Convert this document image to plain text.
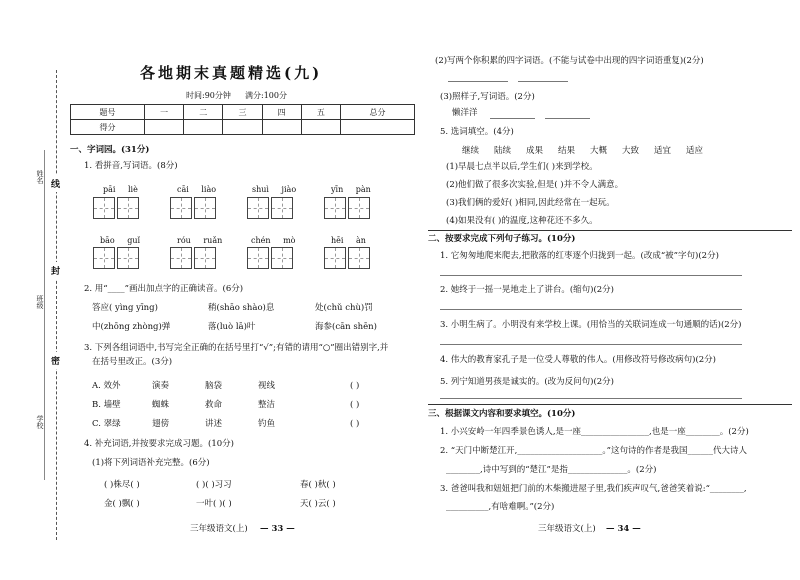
姓名
班级
学校
线
封
密
各地期末真题精选(九)
时间:90分钟 满分:100分
题号	一	二	三	四	五	总分
得分						
一、字词园。(31分)
1. 看拼音,写词语。(8分)
pāi liè	cāi liào	shuì jiào	yīn pàn
bāo guǐ	róu ruǎn	chén mò	hēi àn
2. 用“____”画出加点字的正确读音。(6分)
答应( yìng yīng)	稍(shāo shào)息	处(chǔ chù)罚
中(zhōng zhòng)弹	落(luò lā)叶	海参(cān shēn)
3. 下列各组词语中,书写完全正确的在括号里打“√”;有错的请用“○”圈出错别字,并
在括号里改正。(3分)
A. 效外	演奏	脑袋	视线	( )
B. 墙壁	蜘蛛	救命	整洁	( )
C. 翠绿	翅傍	讲述	钓鱼	( )
4. 补充词语,并按要求完成习题。(10分)
(1)将下列词语补充完整。(6分)
( )株尽( )	( )( )习习	春( )秋( )
金( )飘( )	一叶( )( )	天( )云( )
三年级语文(上) — 33 —
(2)写两个你积累的四字词语。(不能与试卷中出现的四字词语重复)(2分)
(3)照样子,写词语。(2分)
懒洋洋
5. 选词填空。(4分)
继续 陆续 成果 结果 大概 大致 适宜 适应
(1)早晨七点半以后,学生们( )来到学校。
(2)他们做了很多次实验,但是( )并不令人满意。
(3)我们俩的爱好( )相同,因此经常在一起玩。
(4)如果没有( )的温度,这种花还不多久。
二、按要求完成下列句子练习。(10分)
1. 它匆匆地爬来爬去,把散落的红枣逐个归拢到一起。(改成“被”字句)(2分)
2. 她终于一摇一晃地走上了讲台。(缩句)(2分)
3. 小明生病了。小明没有来学校上课。(用恰当的关联词连成一句通顺的话)(2分)
4. 伟大的教育家孔子是一位受人尊敬的伟人。(用修改符号修改病句)(2分)
5. 列宁知道男孩是诚实的。(改为反问句)(2分)
三、根据课文内容和要求填空。(10分)
1. 小兴安岭一年四季景色诱人,是一座________________,也是一座________。(2分)
2. “天门中断楚江开,____________________。”这句诗的作者是我国______代大诗人
________,诗中写到的“楚江”是指______________。(2分)
3. 爸爸叫我和妞妞把门前的木柴搬进屋子里,我们疾声叹气,爸爸笑着说:“________,
__________,有啥难啊。”(2分)
三年级语文(上) — 34 —
